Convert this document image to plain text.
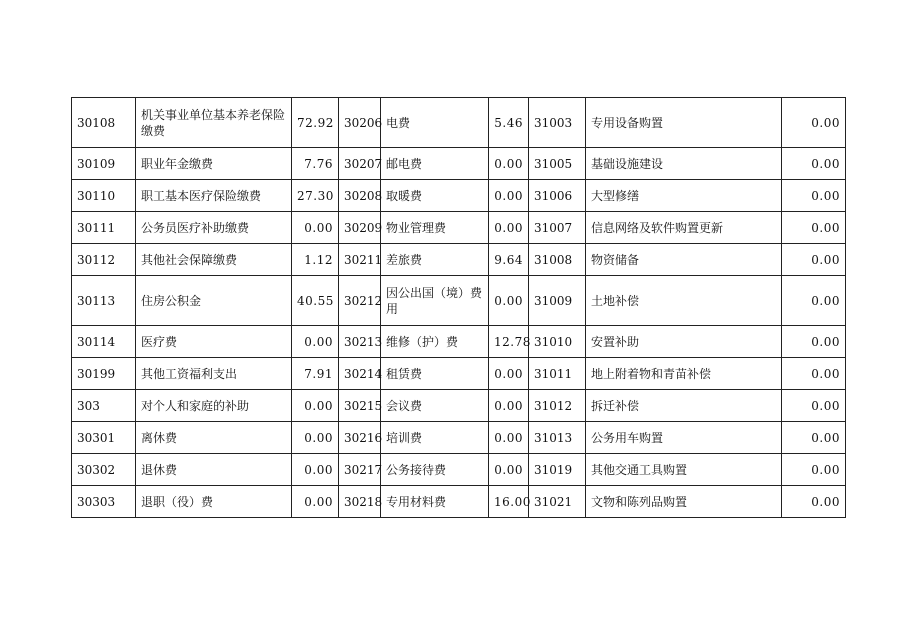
30108	机关事业单位基本养老保险缴费	72.92	30206	电费	5.46	31003	专用设备购置	0.00
30109	职业年金缴费	7.76	30207	邮电费	0.00	31005	基础设施建设	0.00
30110	职工基本医疗保险缴费	27.30	30208	取暖费	0.00	31006	大型修缮	0.00
30111	公务员医疗补助缴费	0.00	30209	物业管理费	0.00	31007	信息网络及软件购置更新	0.00
30112	其他社会保障缴费	1.12	30211	差旅费	9.64	31008	物资储备	0.00
30113	住房公积金	40.55	30212	因公出国（境）费用	0.00	31009	土地补偿	0.00
30114	医疗费	0.00	30213	维修（护）费	12.78	31010	安置补助	0.00
30199	其他工资福利支出	7.91	30214	租赁费	0.00	31011	地上附着物和青苗补偿	0.00
303	对个人和家庭的补助	0.00	30215	会议费	0.00	31012	拆迁补偿	0.00
30301	离休费	0.00	30216	培训费	0.00	31013	公务用车购置	0.00
30302	退休费	0.00	30217	公务接待费	0.00	31019	其他交通工具购置	0.00
30303	退职（役）费	0.00	30218	专用材料费	16.00	31021	文物和陈列品购置	0.00
